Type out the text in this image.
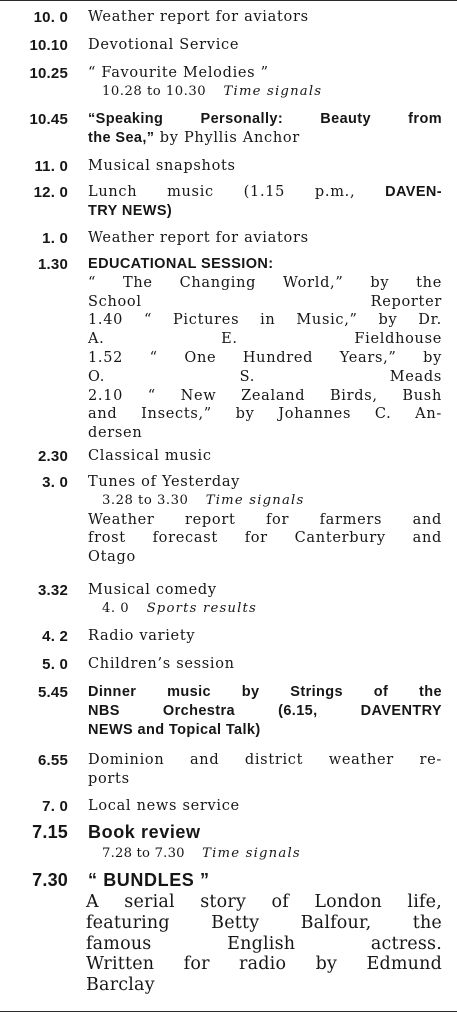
10. 0 Weather report for aviators
10.10 Devotional Service
10.25 “ Favourite Melodies ”
10.28 to 10.30 Time signals
10.45 “Speaking Personally: Beauty from
the Sea,” by Phyllis Anchor
11. 0 Musical snapshots
12. 0 Lunch music (1.15 p.m., DAVEN-
TRY NEWS)
1. 0 Weather report for aviators
1.30 EDUCATIONAL SESSION:
“ The Changing World,” by the
School Reporter
1.40 “ Pictures in Music,” by Dr.
A. E. Fieldhouse
1.52 “ One Hundred Years,” by
O. S. Meads
2.10 “ New Zealand Birds, Bush
and Insects,” by Johannes C. An-
dersen
2.30 Classical music
3. 0 Tunes of Yesterday
3.28 to 3.30 Time signals
Weather report for farmers and
frost forecast for Canterbury and
Otago
3.32 Musical comedy
4. 0 Sports results
4. 2 Radio variety
5. 0 Children’s session
5.45 Dinner music by Strings of the
NBS Orchestra (6.15, DAVENTRY
NEWS and Topical Talk)
6.55 Dominion and district weather re-
ports
7. 0 Local news service
7.15 Book review
7.28 to 7.30 Time signals
7.30 “ BUNDLES ”
A serial story of London life,
featuring Betty Balfour, the
famous English actress.
Written for radio by Edmund
Barclay
